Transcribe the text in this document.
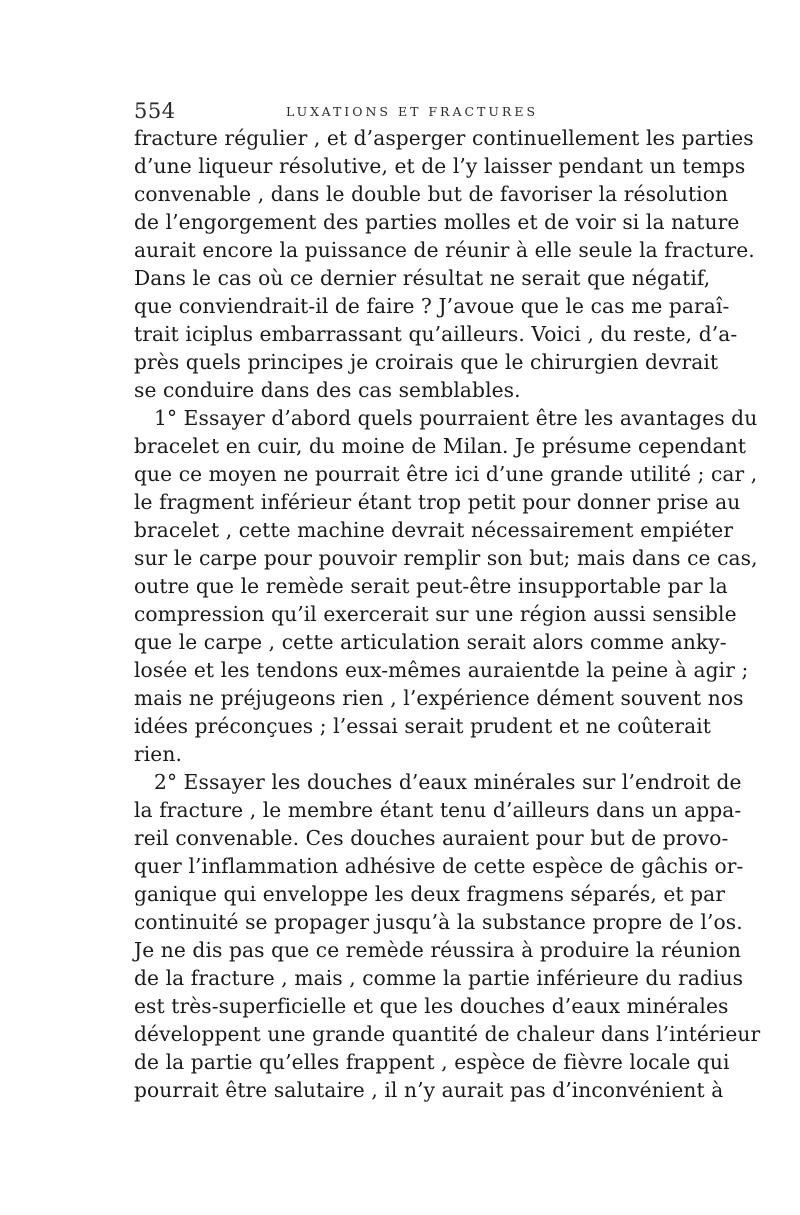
554	LUXATIONS ET FRACTURES
fracture régulier , et d’asperger continuellement les parties
d’une liqueur résolutive, et de l’y laisser pendant un temps
convenable , dans le double but de favoriser la résolution
de l’engorgement des parties molles et de voir si la nature
aurait encore la puissance de réunir à elle seule la fracture.
Dans le cas où ce dernier résultat ne serait que négatif,
que conviendrait-il de faire ? J’avoue que le cas me paraî-
trait iciplus embarrassant qu’ailleurs. Voici , du reste, d’a-
près quels principes je croirais que le chirurgien devrait
se conduire dans des cas semblables.
1° Essayer d’abord quels pourraient être les avantages du
bracelet en cuir, du moine de Milan. Je présume cependant
que ce moyen ne pourrait être ici d’une grande utilité ; car ,
le fragment inférieur étant trop petit pour donner prise au
bracelet , cette machine devrait nécessairement empiéter
sur le carpe pour pouvoir remplir son but; mais dans ce cas,
outre que le remède serait peut-être insupportable par la
compression qu’il exercerait sur une région aussi sensible
que le carpe , cette articulation serait alors comme anky-
losée et les tendons eux-mêmes auraientde la peine à agir ;
mais ne préjugeons rien , l’expérience dément souvent nos
idées préconçues ; l’essai serait prudent et ne coûterait
rien.
2° Essayer les douches d’eaux minérales sur l’endroit de
la fracture , le membre étant tenu d’ailleurs dans un appa-
reil convenable. Ces douches auraient pour but de provo-
quer l’inflammation adhésive de cette espèce de gâchis or-
ganique qui enveloppe les deux fragmens séparés, et par
continuité se propager jusqu’à la substance propre de l’os.
Je ne dis pas que ce remède réussira à produire la réunion
de la fracture , mais , comme la partie inférieure du radius
est très-superficielle et que les douches d’eaux minérales
développent une grande quantité de chaleur dans l’intérieur
de la partie qu’elles frappent , espèce de fièvre locale qui
pourrait être salutaire , il n’y aurait pas d’inconvénient à
